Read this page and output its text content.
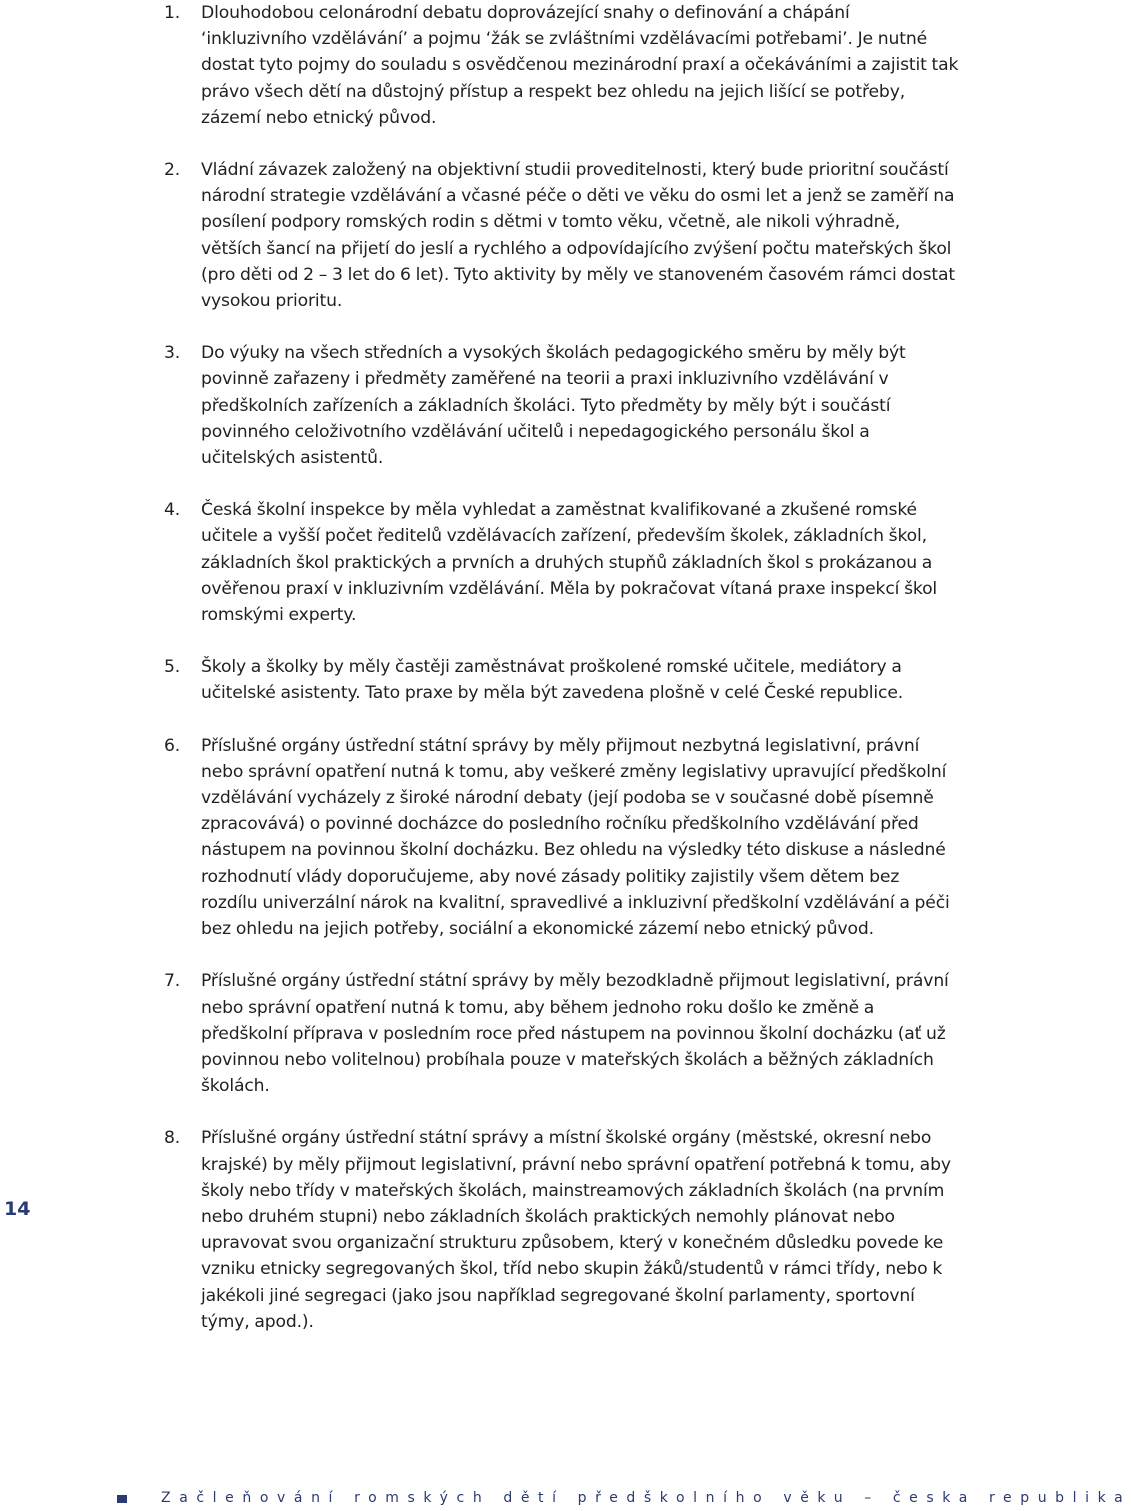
1.	Dlouhodobou celonárodní debatu doprovázející snahy o definování a chápání ‘inkluzivního vzdělávání’ a pojmu ‘žák se zvláštními vzdělávacími potřebami’. Je nutné dostat tyto pojmy do souladu s osvědčenou mezinárodní praxí a očekáváními a zajistit tak právo všech dětí na důstojný přístup a respekt bez ohledu na jejich lišící se potřeby, zázemí nebo etnický původ.
2.	Vládní závazek založený na objektivní studii proveditelnosti, který bude prioritní součástí národní strategie vzdělávání a včasné péče o děti ve věku do osmi let a jenž se zaměří na posílení podpory romských rodin s dětmi v tomto věku, včetně, ale nikoli výhradně, větších šancí na přijetí do jeslí a rychlého a odpovídajícího zvýšení počtu mateřských škol (pro děti od 2 – 3 let do 6 let). Tyto aktivity by měly ve stanoveném časovém rámci dostat vysokou prioritu.
3.	Do výuky na všech středních a vysokých školách pedagogického směru by měly být povinně zařazeny i předměty zaměřené na teorii a praxi inkluzivního vzdělávání v předškolních zařízeních a základních školáci. Tyto předměty by měly být i součástí povinného celoživotního vzdělávání učitelů i nepedagogického personálu škol a učitelských asistentů.
4.	Česká školní inspekce by měla vyhledat a zaměstnat kvalifikované a zkušené romské učitele a vyšší počet ředitelů vzdělávacích zařízení, především školek, základních škol, základních škol praktických a prvních a druhých stupňů základních škol s prokázanou a ověřenou praxí v inkluzivním vzdělávání. Měla by pokračovat vítaná praxe inspekcí škol romskými experty.
5.	Školy a školky by měly častěji zaměstnávat proškolené romské učitele, mediátory a učitelské asistenty. Tato praxe by měla být zavedena plošně v celé České republice.
6.	Příslušné orgány ústřední státní správy by měly přijmout nezbytná legislativní, právní nebo správní opatření nutná k tomu, aby veškeré změny legislativy upravující předškolní vzdělávání vycházely z široké národní debaty (její podoba se v současné době písemně zpracovává) o povinné docházce do posledního ročníku předškolního vzdělávání před nástupem na povinnou školní docházku. Bez ohledu na výsledky této diskuse a následné rozhodnutí vlády doporučujeme, aby nové zásady politiky zajistily všem dětem bez rozdílu univerzální nárok na kvalitní, spravedlivé a inkluzivní předškolní vzdělávání a péči bez ohledu na jejich potřeby, sociální a ekonomické zázemí nebo etnický původ.
7.	Příslušné orgány ústřední státní správy by měly bezodkladně přijmout legislativní, právní nebo správní opatření nutná k tomu, aby během jednoho roku došlo ke změně a předškolní příprava v posledním roce před nástupem na povinnou školní docházku (ať už povinnou nebo volitelnou) probíhala pouze v mateřských školách a běžných základních školách.
8.	Příslušné orgány ústřední státní správy a místní školské orgány (městské, okresní nebo krajské) by měly přijmout legislativní, právní nebo správní opatření potřebná k tomu, aby školy nebo třídy v mateřských školách, mainstreamových základních školách (na prvním nebo druhém stupni) nebo základních školách praktických nemohly plánovat nebo upravovat svou organizační strukturu způsobem, který v konečném důsledku povede ke vzniku etnicky segregovaných škol, tříd nebo skupin žáků/studentů v rámci třídy, nebo k jakékoli jiné segregaci (jako jsou například segregované školní parlamenty, sportovní týmy, apod.).
14
Začleňování romských dětí předškolního věku – česka republika
